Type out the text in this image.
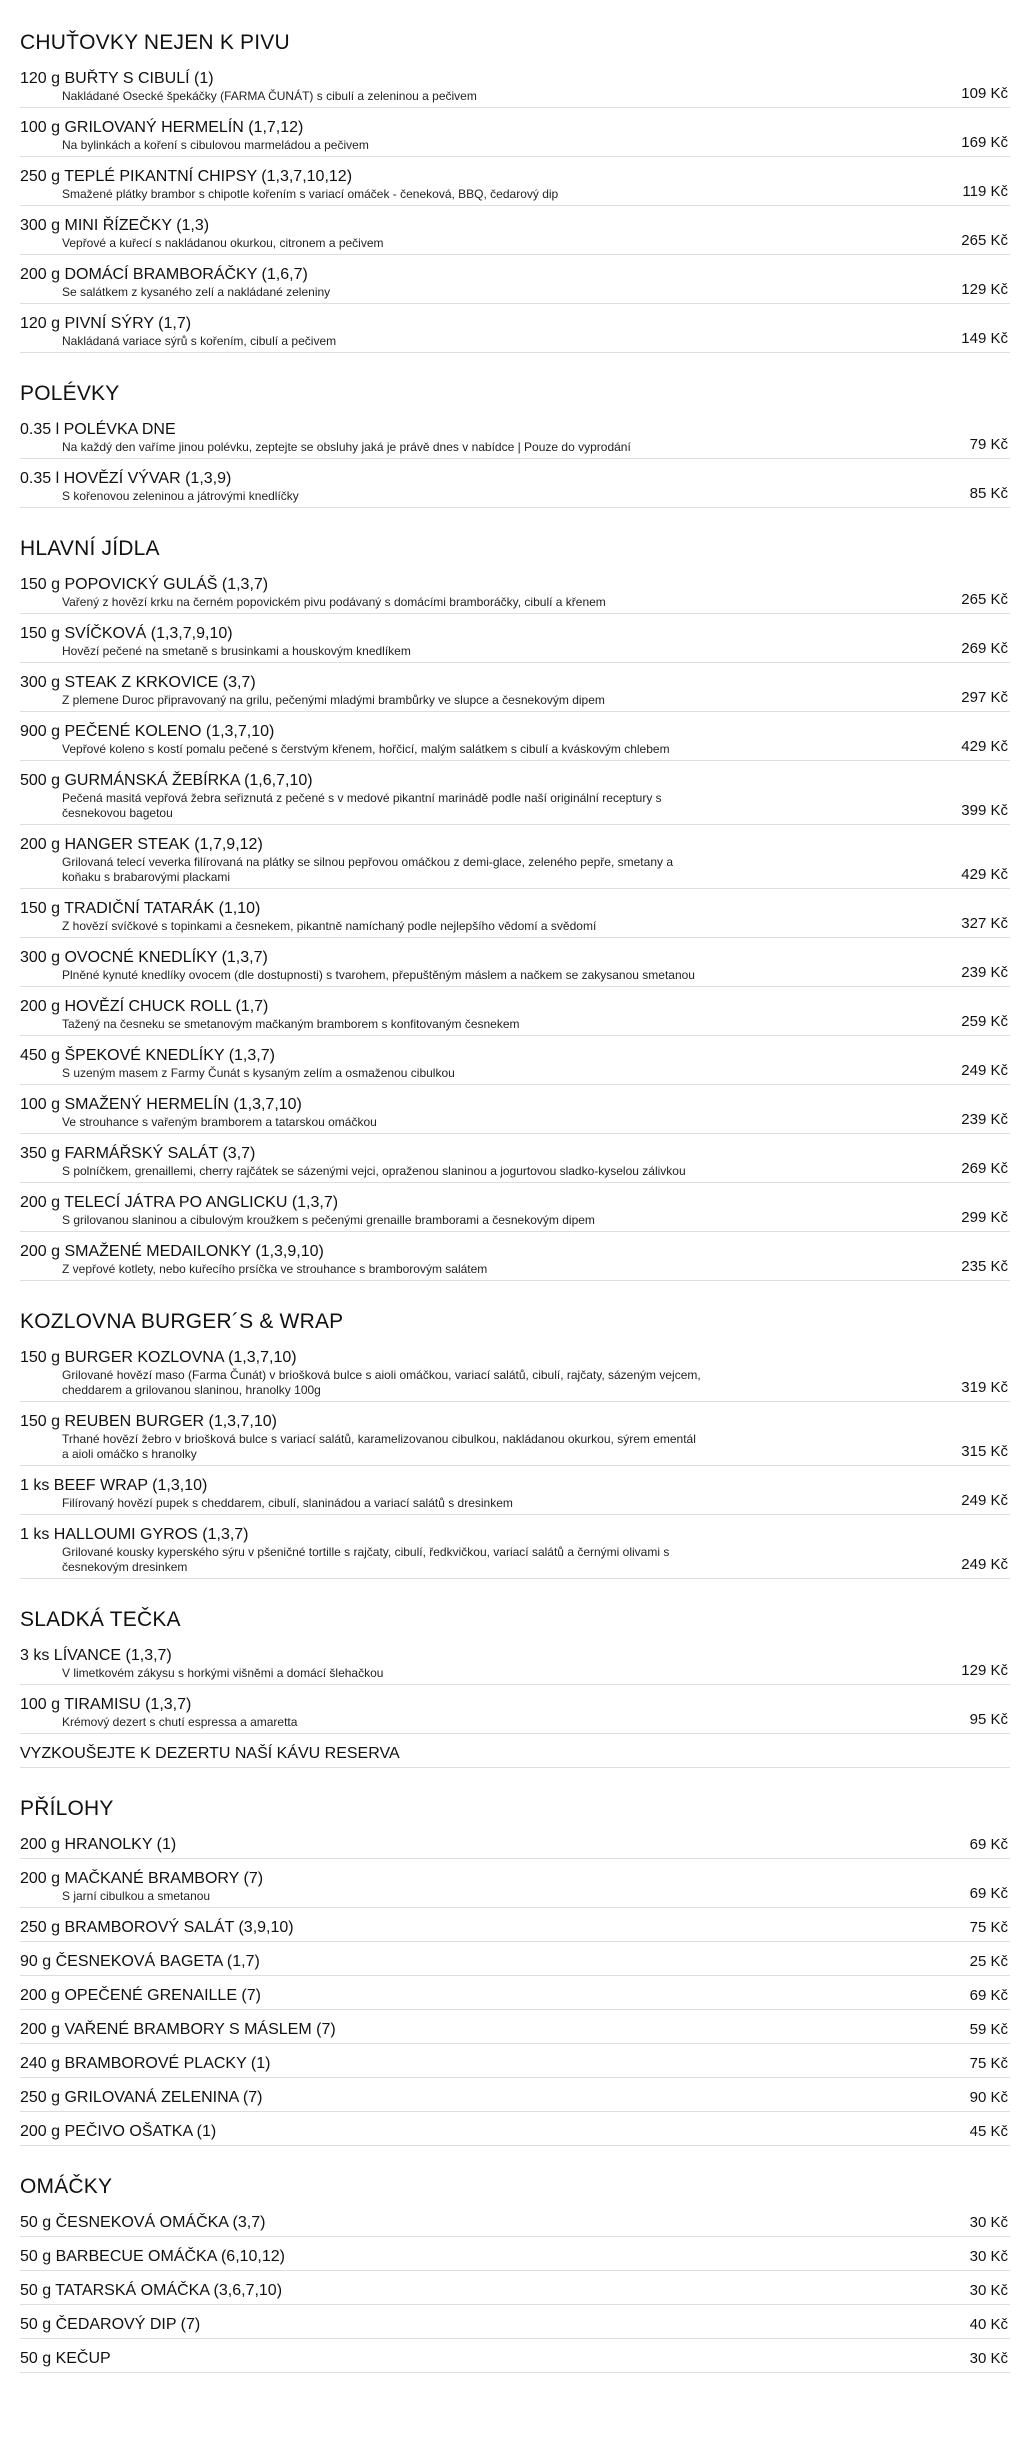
CHUŤOVKY NEJEN K PIVU
120 g BUŘTY S CIBULÍ (1)
Nakládané Osecké špekáčky (FARMA ČUNÁT) s cibulí a zeleninou a pečivem	109 Kč
100 g GRILOVANÝ HERMELÍN (1,7,12)
Na bylinkách a koření s cibulovou marmeládou a pečivem	169 Kč
250 g TEPLÉ PIKANTNÍ CHIPSY (1,3,7,10,12)
Smažené plátky brambor s chipotle kořením s variací omáček - čeneková, BBQ, čedarový dip	119 Kč
300 g MINI ŘÍZEČKY (1,3)
Vepřové a kuřecí s nakládanou okurkou, citronem a pečivem	265 Kč
200 g DOMÁCÍ BRAMBORÁČKY (1,6,7)
Se salátkem z kysaného zelí a nakládané zeleniny	129 Kč
120 g PIVNÍ SÝRY (1,7)
Nakládaná variace sýrů s kořením, cibulí a pečivem	149 Kč
POLÉVKY
0.35 l POLÉVKA DNE
Na každý den vaříme jinou polévku, zeptejte se obsluhy jaká je právě dnes v nabídce | Pouze do vyprodání	79 Kč
0.35 l HOVĚZÍ VÝVAR (1,3,9)
S kořenovou zeleninou a játrovými knedlíčky	85 Kč
HLAVNÍ JÍDLA
150 g POPOVICKÝ GULÁŠ (1,3,7)
Vařený z hovězí krku na černém popovickém pivu podávaný s domácími bramboráčky, cibulí a křenem	265 Kč
150 g SVÍČKOVÁ (1,3,7,9,10)
Hovězí pečené na smetaně s brusinkami a houskovým knedlíkem	269 Kč
300 g STEAK Z KRKOVICE (3,7)
Z plemene Duroc připravovaný na grilu, pečenými mladými brambůrky ve slupce a česnekovým dipem	297 Kč
900 g PEČENÉ KOLENO (1,3,7,10)
Vepřové koleno s kostí pomalu pečené s čerstvým křenem, hořčicí, malým salátkem s cibulí a kváskovým chlebem	429 Kč
500 g GURMÁNSKÁ ŽEBÍRKA (1,6,7,10)
Pečená masitá vepřová žebra seřiznutá z pečené s v medové pikantní marinádě podle naší originální receptury s česnekovou bagetou	399 Kč
200 g HANGER STEAK (1,7,9,12)
Grilovaná telecí veverka filírovaná na plátky se silnou pepřovou omáčkou z demi-glace, zeleného pepře, smetany a koňaku s brabarovými plackami	429 Kč
150 g TRADIČNÍ TATARÁK (1,10)
Z hovězí svíčkové s topinkami a česnekem, pikantně namíchaný podle nejlepšího vědomí a svědomí	327 Kč
300 g OVOCNÉ KNEDLÍKY (1,3,7)
Plněné kynuté knedlíky ovocem (dle dostupnosti) s tvarohem, přepuštěným máslem a načkem se zakysanou smetanou	239 Kč
200 g HOVĚZÍ CHUCK ROLL (1,7)
Tažený na česneku se smetanovým mačkaným bramborem s konfitovaným česnekem	259 Kč
450 g ŠPEKOVÉ KNEDLÍKY (1,3,7)
S uzeným masem z Farmy Čunát s kysaným zelím a osmaženou cibulkou	249 Kč
100 g SMAŽENÝ HERMELÍN (1,3,7,10)
Ve strouhance s vařeným bramborem a tatarskou omáčkou	239 Kč
350 g FARMÁŘSKÝ SALÁT (3,7)
S polníčkem, grenaillemi, cherry rajčátek se sázenými vejci, opraženou slaninou a jogurtovou sladko-kyselou zálivkou	269 Kč
200 g TELECÍ JÁTRA PO ANGLICKU (1,3,7)
S grilovanou slaninou a cibulovým kroužkem s pečenými grenaille bramborami a česnekovým dipem	299 Kč
200 g SMAŽENÉ MEDAILONKY (1,3,9,10)
Z vepřové kotlety, nebo kuřecího prsíčka ve strouhance s bramborovým salátem	235 Kč
KOZLOVNA BURGER´S & WRAP
150 g BURGER KOZLOVNA (1,3,7,10)
Grilované hovězí maso (Farma Čunát) v briošková bulce s aioli omáčkou, variací salátů, cibulí, rajčaty, sázeným vejcem, cheddarem a grilovanou slaninou, hranolky 100g	319 Kč
150 g REUBEN BURGER (1,3,7,10)
Trhané hovězí žebro v briošková bulce s variací salátů, karamelizovanou cibulkou, nakládanou okurkou, sýrem ementál a aioli omáčko s hranolky	315 Kč
1 ks BEEF WRAP (1,3,10)
Filírovaný hovězí pupek s cheddarem, cibulí, slaninádou a variací salátů s dresinkem	249 Kč
1 ks HALLOUMI GYROS (1,3,7)
Grilované kousky kyperského sýru v pšeničné tortille s rajčaty, cibulí, ředkvičkou, variací salátů a černými olivami s česnekovým dresinkem	249 Kč
SLADKÁ TEČKA
3 ks LÍVANCE (1,3,7)
V limetkovém zákysu s horkými višněmi a domácí šlehačkou	129 Kč
100 g TIRAMISU (1,3,7)
Krémový dezert s chutí espressa a amaretta	95 Kč
VYZKOUŠEJTE K DEZERTU NAŠÍ KÁVU RESERVA
PŘÍLOHY
200 g HRANOLKY (1)	69 Kč
200 g MAČKANÉ BRAMBORY (7)
S jarní cibulkou a smetanou	69 Kč
250 g BRAMBOROVÝ SALÁT (3,9,10)	75 Kč
90 g ČESNEKOVÁ BAGETA (1,7)	25 Kč
200 g OPEČENÉ GRENAILLE (7)	69 Kč
200 g VAŘENÉ BRAMBORY S MÁSLEM (7)	59 Kč
240 g BRAMBOROVÉ PLACKY (1)	75 Kč
250 g GRILOVANÁ ZELENINA (7)	90 Kč
200 g PEČIVO OŠATKA (1)	45 Kč
OMÁČKY
50 g ČESNEKOVÁ OMÁČKA (3,7)	30 Kč
50 g BARBECUE OMÁČKA (6,10,12)	30 Kč
50 g TATARSKÁ OMÁČKA (3,6,7,10)	30 Kč
50 g ČEDAROVÝ DIP (7)	40 Kč
50 g KEČUP	30 Kč
